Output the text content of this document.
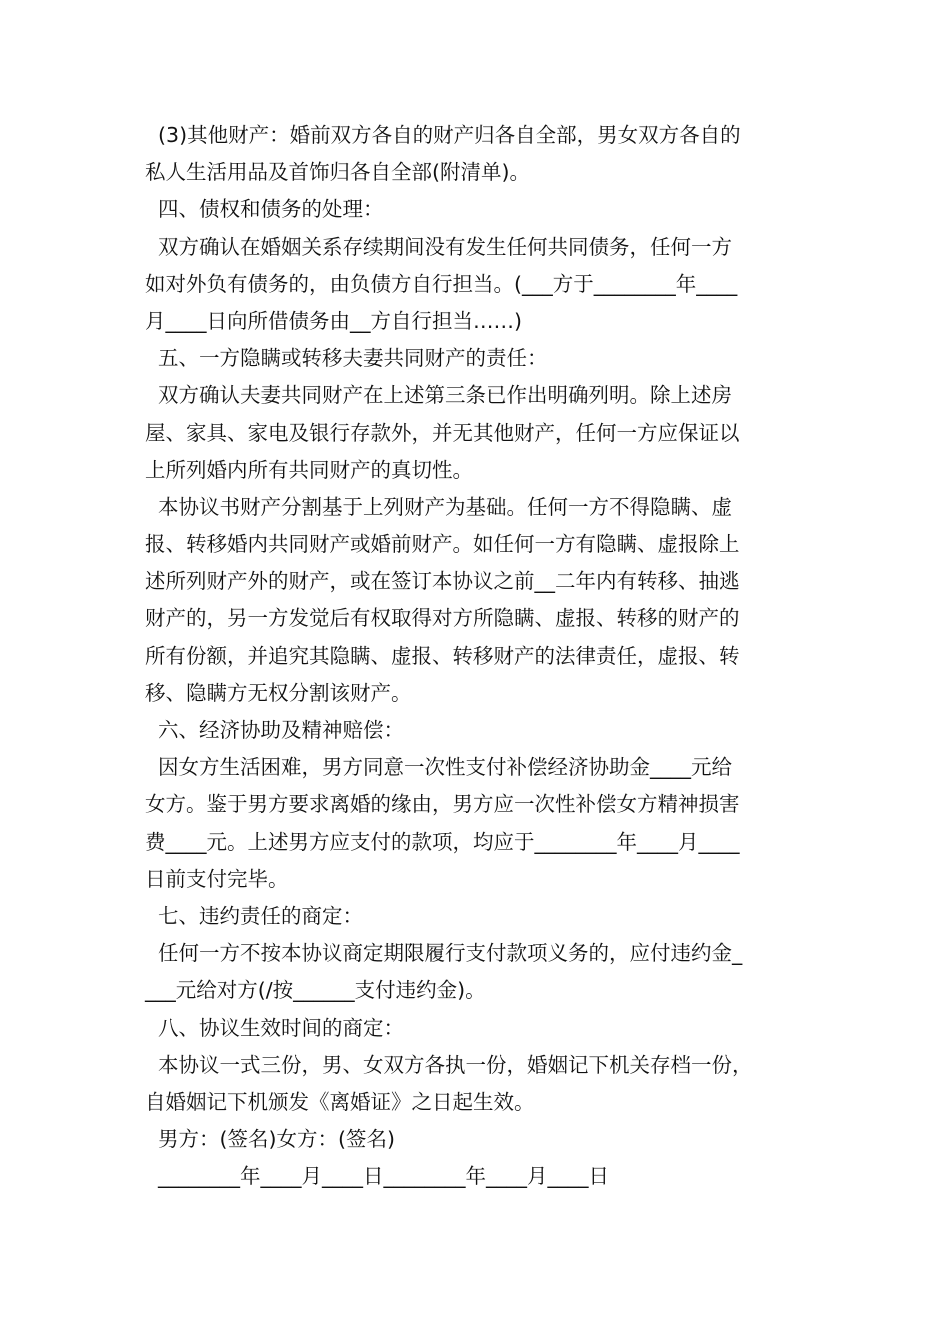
(3)其他财产：婚前双方各自的财产归各自全部，男女双方各自的
私人生活用品及首饰归各自全部(附清单)。
四、债权和债务的处理：
双方确认在婚姻关系存续期间没有发生任何共同债务，任何一方
如对外负有债务的，由负债方自行担当。(___方于________年____
月____日向所借债务由__方自行担当……)
五、一方隐瞒或转移夫妻共同财产的责任：
双方确认夫妻共同财产在上述第三条已作出明确列明。除上述房
屋、家具、家电及银行存款外，并无其他财产，任何一方应保证以
上所列婚内所有共同财产的真切性。
本协议书财产分割基于上列财产为基础。任何一方不得隐瞒、虚
报、转移婚内共同财产或婚前财产。如任何一方有隐瞒、虚报除上
述所列财产外的财产，或在签订本协议之前__二年内有转移、抽逃
财产的，另一方发觉后有权取得对方所隐瞒、虚报、转移的财产的
所有份额，并追究其隐瞒、虚报、转移财产的法律责任，虚报、转
移、隐瞒方无权分割该财产。
六、经济协助及精神赔偿：
因女方生活困难，男方同意一次性支付补偿经济协助金____元给
女方。鉴于男方要求离婚的缘由，男方应一次性补偿女方精神损害
费____元。上述男方应支付的款项，均应于________年____月____
日前支付完毕。
七、违约责任的商定：
任何一方不按本协议商定期限履行支付款项义务的，应付违约金_
___元给对方(/按______支付违约金)。
八、协议生效时间的商定：
本协议一式三份，男、女双方各执一份，婚姻记下机关存档一份，
自婚姻记下机颁发《离婚证》之日起生效。
男方：(签名)女方：(签名)
________年____月____日________年____月____日
